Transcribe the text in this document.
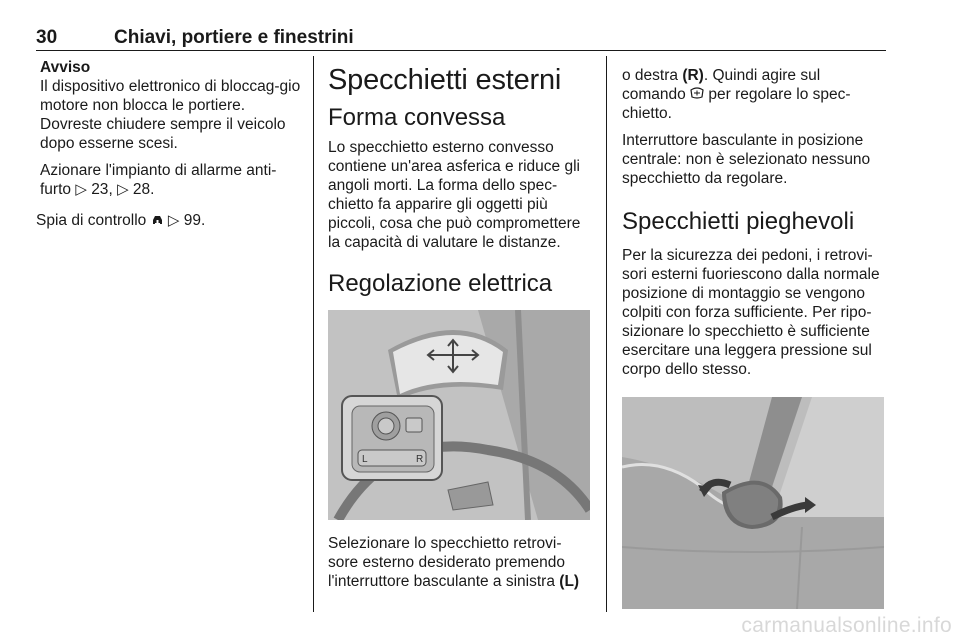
30	Chiavi, portiere e finestrini

Avviso

Il dispositivo elettronico di bloccag-gio motore non blocca le portiere. Dovreste chiudere sempre il veicolo dopo esserne scesi.

Azionare l'impianto di allarme anti-furto ▷ 23, ▷ 28.

Spia di controllo ▷ 99.

Specchietti esterni
Forma convessa

Lo specchietto esterno convesso contiene un'area asferica e riduce gli angoli morti. La forma dello spec-chietto fa apparire gli oggetti più piccoli, cosa che può compromettere la capacità di valutare le distanze.

Regolazione elettrica
L	R

Selezionare lo specchietto retrovi-sore esterno desiderato premendo l'interruttore basculante a sinistra (L)

o destra (R). Quindi agire sul comando per regolare lo spec-chietto.

Interruttore basculante in posizione centrale: non è selezionato nessuno specchietto da regolare.

Specchietti pieghevoli

Per la sicurezza dei pedoni, i retrovi-sori esterni fuoriescono dalla normale posizione di montaggio se vengono colpiti con forza sufficiente. Per ripo-sizionare lo specchietto è sufficiente esercitare una leggera pressione sul corpo dello stesso.

carmanualsonline.info
